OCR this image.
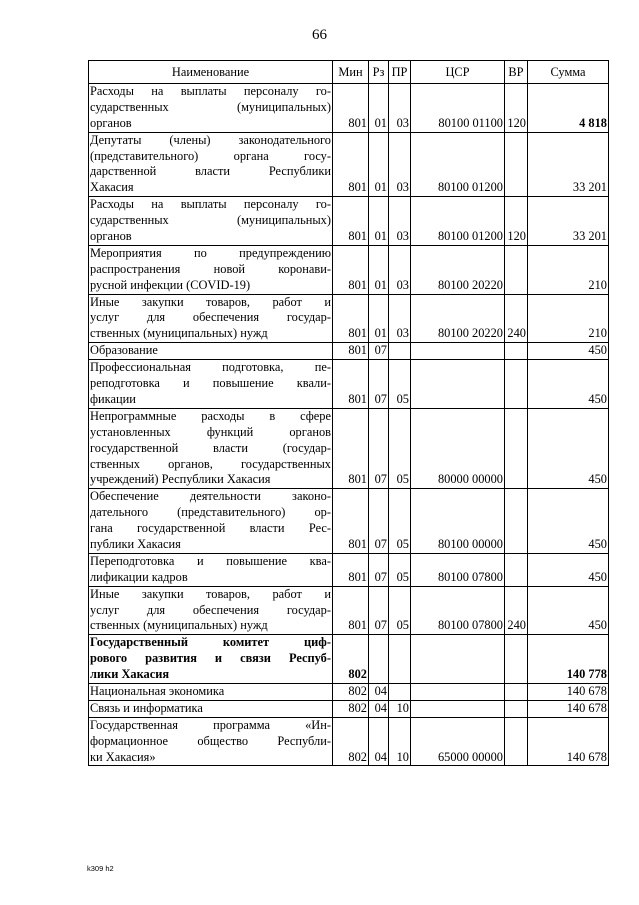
66
Наименование	Мин	Рз	ПР	ЦСР	ВР	Сумма

Расходы на выплаты персоналу го-
сударственных (муниципальных)
органов	801	01	03	80100 01100	120	4 818

Депутаты (члены) законодательного
(представительного) органа госу-
дарственной власти Республики
Хакасия	801	01	03	80100 01200		33 201

Расходы на выплаты персоналу го-
сударственных (муниципальных)
органов	801	01	03	80100 01200	120	33 201

Мероприятия по предупреждению
распространения новой коронави-
русной инфекции (COVID-19)	801	01	03	80100 20220		210

Иные закупки товаров, работ и
услуг для обеспечения государ-
ственных (муниципальных) нужд	801	01	03	80100 20220	240	210

Образование	801	07				450

Профессиональная подготовка, пе-
реподготовка и повышение квали-
фикации	801	07	05			450

Непрограммные расходы в сфере
установленных функций органов
государственной власти (государ-
ственных органов, государственных
учреждений) Республики Хакасия	801	07	05	80000 00000		450

Обеспечение деятельности законо-
дательного (представительного) ор-
гана государственной власти Рес-
публики Хакасия	801	07	05	80100 00000		450

Переподготовка и повышение ква-
лификации кадров	801	07	05	80100 07800		450

Иные закупки товаров, работ и
услуг для обеспечения государ-
ственных (муниципальных) нужд	801	07	05	80100 07800	240	450

Государственный комитет циф-
рового развития и связи Респуб-
лики Хакасия	802					140 778

Национальная экономика	802	04				140 678

Связь и информатика	802	04	10			140 678

Государственная программа «Ин-
формационное общество Республи-
ки Хакасия»	802	04	10	65000 00000		140 678
k309 h2
